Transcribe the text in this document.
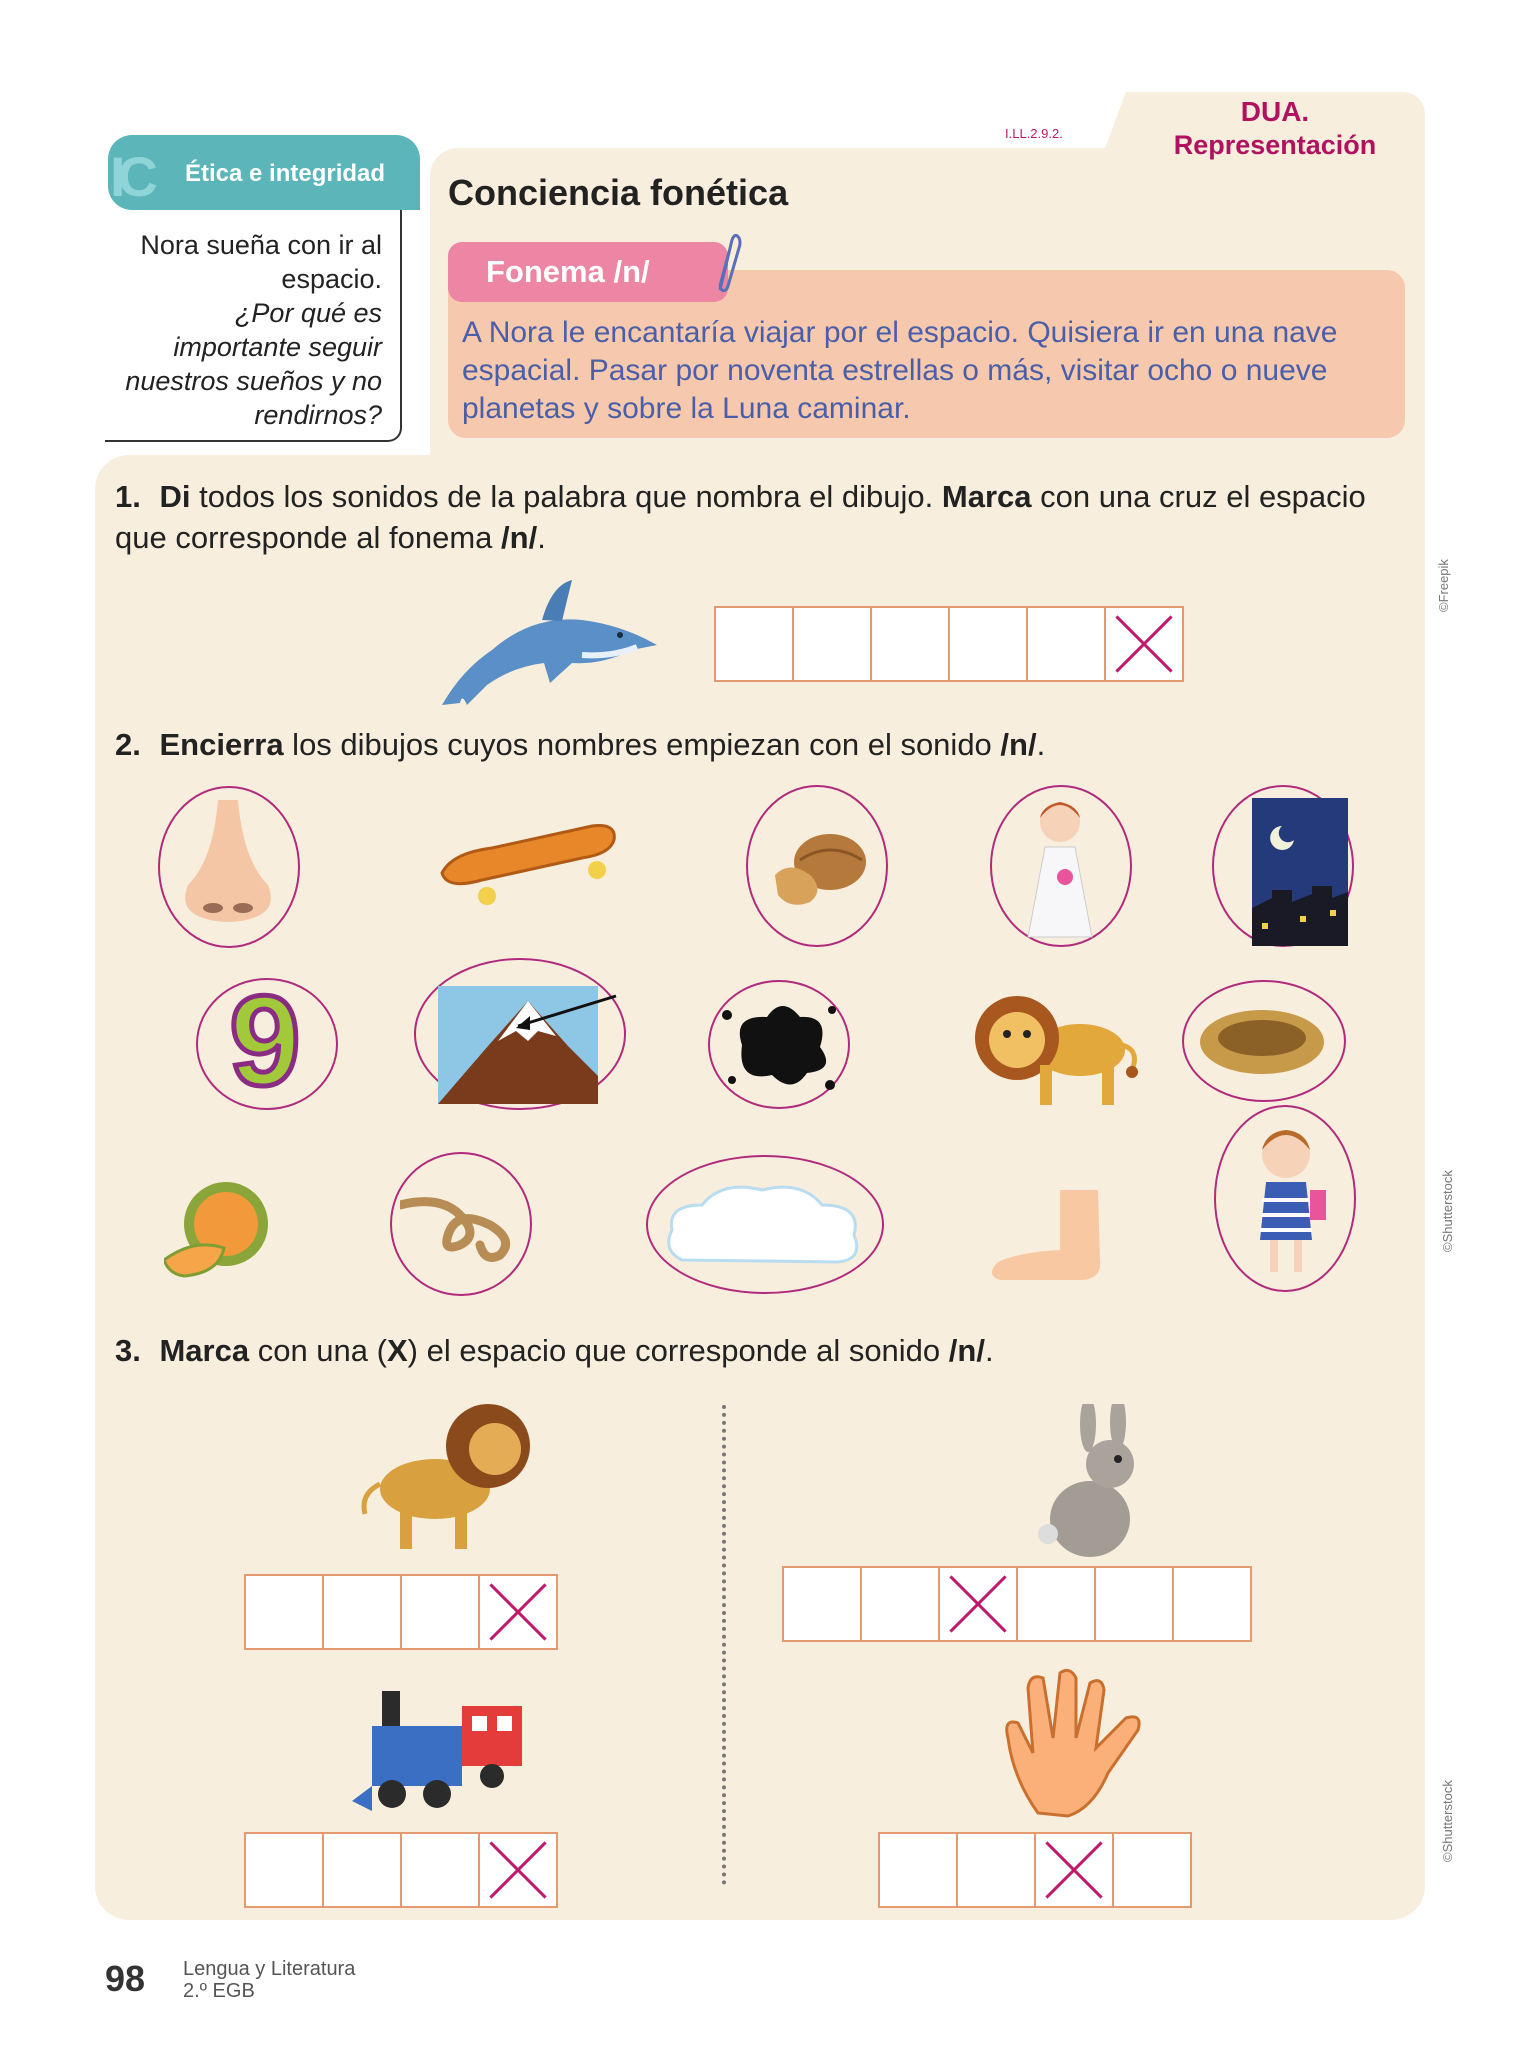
I.LL.2.9.2.
DUA.
Representación
IC	Ética e integridad
Nora sueña con ir al espacio.
¿Por qué es importante seguir nuestros sueños y no rendirnos?
Conciencia fonética
Fonema /n/
A Nora le encantaría viajar por el espacio. Quisiera ir en una nave espacial. Pasar por noventa estrellas o más, visitar ocho o nueve planetas y sobre la Luna caminar.
1. Di todos los sonidos de la palabra que nombra el dibujo. Marca con una cruz el espacio que corresponde al fonema /n/.
2. Encierra los dibujos cuyos nombres empiezan con el sonido /n/.
9
3. Marca con una (X) el espacio que corresponde al sonido /n/.
98 Lengua y Literatura
2.º EGB
©Freepik
©Shutterstock
©Shutterstock
